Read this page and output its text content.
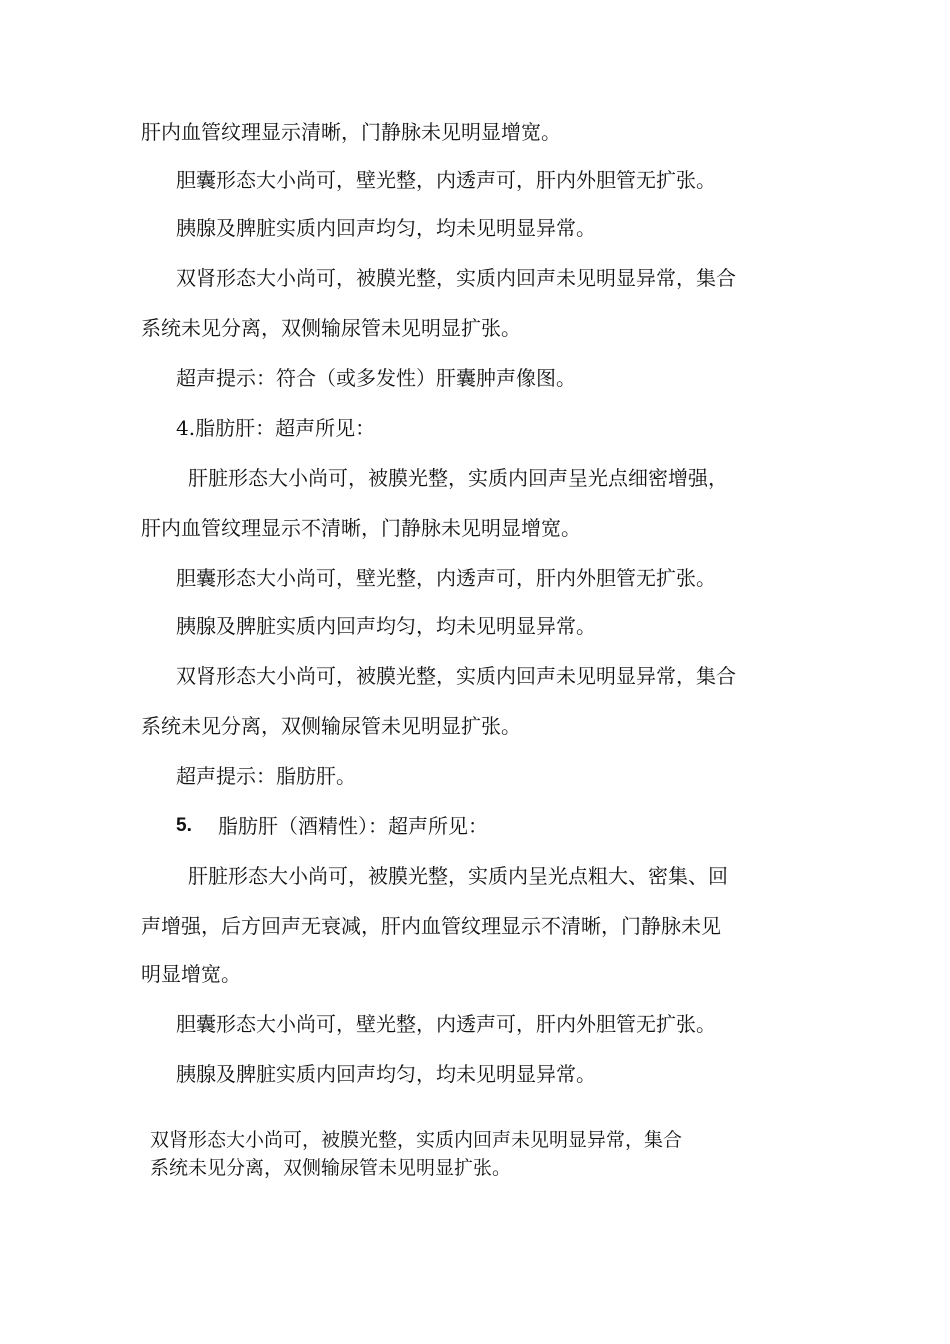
肝内血管纹理显示清晰，门静脉未见明显增宽。
胆囊形态大小尚可，壁光整，内透声可，肝内外胆管无扩张。
胰腺及脾脏实质内回声均匀，均未见明显异常。
双肾形态大小尚可，被膜光整，实质内回声未见明显异常，集合
系统未见分离，双侧输尿管未见明显扩张。
超声提示：符合（或多发性）肝囊肿声像图。
4.脂肪肝：超声所见：
肝脏形态大小尚可，被膜光整，实质内回声呈光点细密增强，
肝内血管纹理显示不清晰，门静脉未见明显增宽。
胆囊形态大小尚可，壁光整，内透声可，肝内外胆管无扩张。
胰腺及脾脏实质内回声均匀，均未见明显异常。
双肾形态大小尚可，被膜光整，实质内回声未见明显异常，集合
系统未见分离，双侧输尿管未见明显扩张。
超声提示：脂肪肝。
5. 脂肪肝（酒精性）：超声所见：
肝脏形态大小尚可，被膜光整，实质内呈光点粗大、密集、回
声增强，后方回声无衰减，肝内血管纹理显示不清晰，门静脉未见
明显增宽。
胆囊形态大小尚可，壁光整，内透声可，肝内外胆管无扩张。
胰腺及脾脏实质内回声均匀，均未见明显异常。
双肾形态大小尚可，被膜光整，实质内回声未见明显异常，集合
系统未见分离，双侧输尿管未见明显扩张。
